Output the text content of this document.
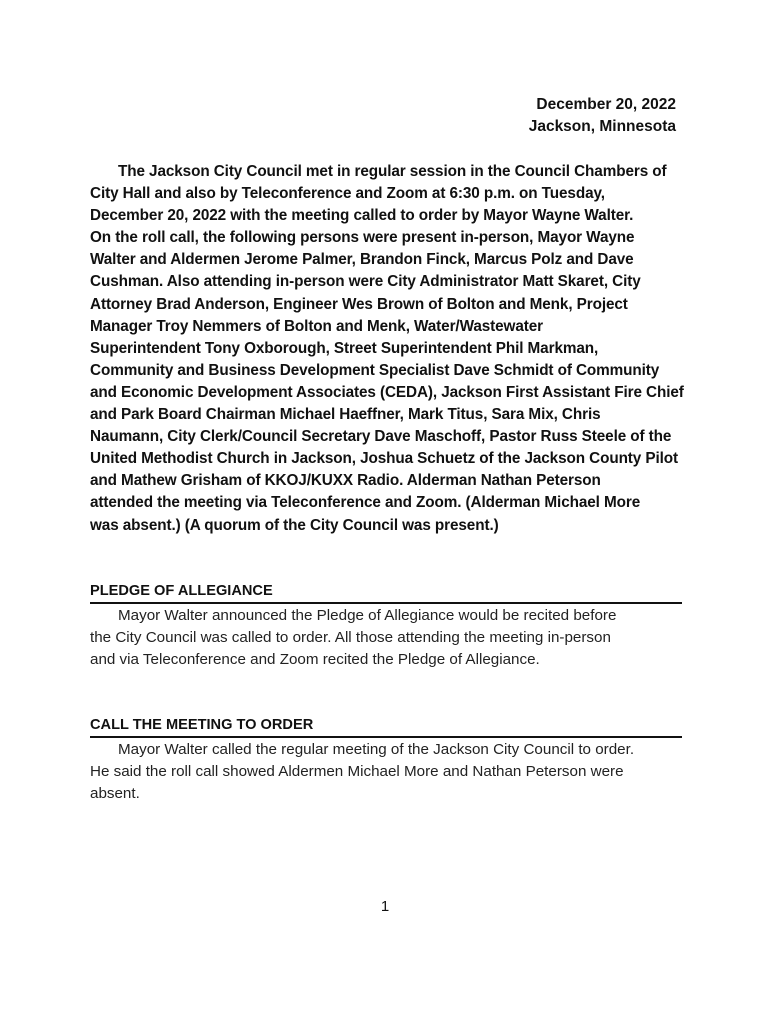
December 20, 2022
Jackson, Minnesota
The Jackson City Council met in regular session in the Council Chambers of
City Hall and also by Teleconference and Zoom at 6:30 p.m. on Tuesday,
December 20, 2022 with the meeting called to order by Mayor Wayne Walter.
On the roll call, the following persons were present in-person, Mayor Wayne
Walter and Aldermen Jerome Palmer, Brandon Finck, Marcus Polz and Dave
Cushman. Also attending in-person were City Administrator Matt Skaret, City
Attorney Brad Anderson, Engineer Wes Brown of Bolton and Menk, Project
Manager Troy Nemmers of Bolton and Menk, Water/Wastewater
Superintendent Tony Oxborough, Street Superintendent Phil Markman,
Community and Business Development Specialist Dave Schmidt of Community
and Economic Development Associates (CEDA), Jackson First Assistant Fire Chief
and Park Board Chairman Michael Haeffner, Mark Titus, Sara Mix, Chris
Naumann, City Clerk/Council Secretary Dave Maschoff, Pastor Russ Steele of the
United Methodist Church in Jackson, Joshua Schuetz of the Jackson County Pilot
and Mathew Grisham of KKOJ/KUXX Radio. Alderman Nathan Peterson
attended the meeting via Teleconference and Zoom. (Alderman Michael More
was absent.) (A quorum of the City Council was present.)
PLEDGE OF ALLEGIANCE
Mayor Walter announced the Pledge of Allegiance would be recited before
the City Council was called to order. All those attending the meeting in-person
and via Teleconference and Zoom recited the Pledge of Allegiance.
CALL THE MEETING TO ORDER
Mayor Walter called the regular meeting of the Jackson City Council to order.
He said the roll call showed Aldermen Michael More and Nathan Peterson were
absent.
1
